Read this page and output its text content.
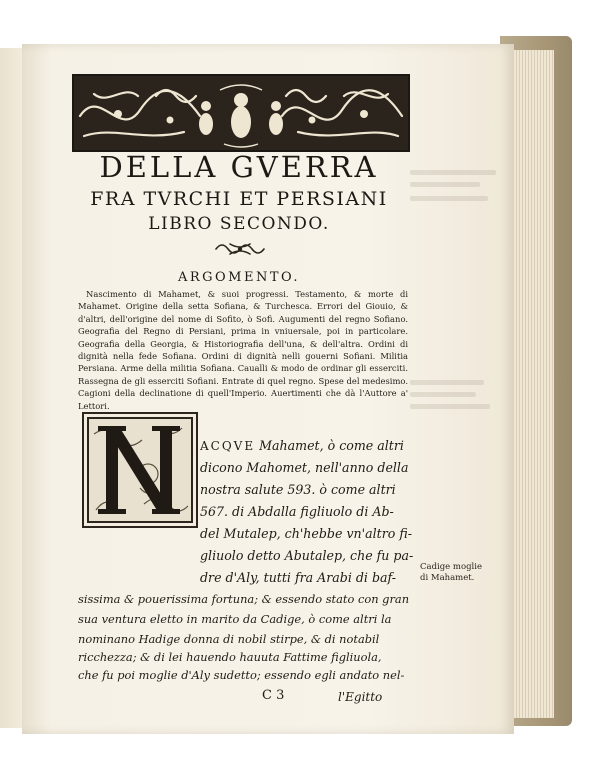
DELLA GVERRA
FRA TVRCHI ET PERSIANI
LIBRO SECONDO.
ARGOMENTO.
Nascimento di Mahamet, & suoi progressi. Testamento, & morte di Mahamet. Origine della setta Sofiana, & Turchesca. Errori del Giouio, & d'altri, dell'origine del nome di Sofito, ò Sofi. Augumenti del regno Sofiano. Geografia del Regno di Persiani, prima in vniuersale, poi in particolare. Geografia della Georgia, & Historiografia dell'una, & dell'altra. Ordini di dignità nella fede Sofiana. Ordini di dignità nelli gouerni Sofiani. Militia Persiana. Arme della militia Sofiana. Caualli & modo de ordinar gli esserciti. Rassegna de gli esserciti Sofiani. Entrate di quel regno. Spese del medesimo. Cagioni della declinatione di quell'Imperio. Auertimenti che dà l'Auttore a' Lettori.
ACQVE Mahamet, ò come altri
dicono Mahomet, nell'anno della
nostra salute 593. ò come altri
567. di Abdalla figliuolo di Ab-
del Mutalep, ch'hebbe vn'altro fi-
gliuolo detto Abutalep, che fu pa-
dre d'Aly, tutti fra Arabi di baf-
sissima & pouerissima fortuna; & essendo stato con gran
sua ventura eletto in marito da Cadige, ò come altri la
nominano Hadige donna di nobil stirpe, & di notabil
ricchezza; & di lei hauendo hauuta Fattime figliuola,
che fu poi moglie d'Aly sudetto; essendo egli andato nel-
Cadige moglie di Mahamet.
C 3	l'Egitto
